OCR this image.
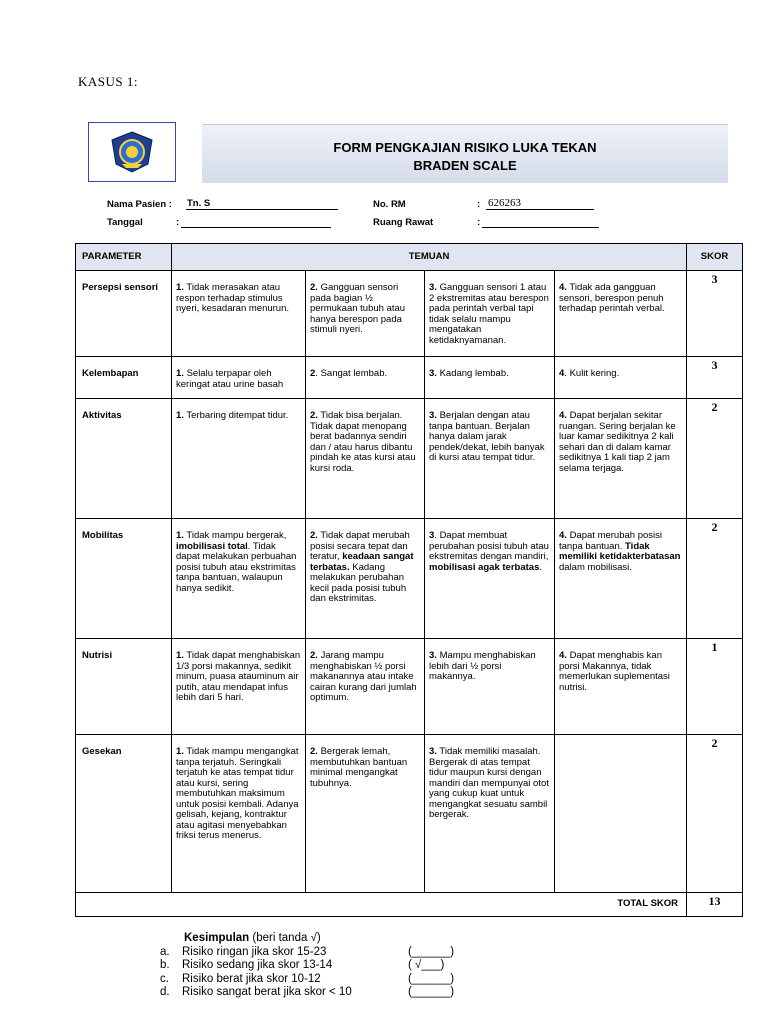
KASUS 1:
FORM PENGKAJIAN RISIKO LUKA TEKAN
BRADEN SCALE
Nama Pasien : Tn. S
Tanggal	:
No. RM	: 626263
Ruang Rawat	:
PARAMETER	TEMUAN				SKOR
Persepsi sensori	1. Tidak merasakan atau respon terhadap stimulus nyeri, kesadaran menurun.	2. Gangguan sensori pada bagian ½ permukaan tubuh atau hanya berespon pada stimuli nyeri.	3. Gangguan sensori 1 atau 2 ekstremitas atau berespon pada perintah verbal tapi tidak selalu mampu mengatakan ketidaknyamanan.	4. Tidak ada gangguan sensori, berespon penuh terhadap perintah verbal.	3
Kelembapan	1. Selalu terpapar oleh keringat atau urine basah	2. Sangat lembab.	3. Kadang lembab.	4. Kulit kering.	3
Aktivitas	1. Terbaring ditempat tidur.	2. Tidak bisa berjalan. Tidak dapat menopang berat badannya sendiri dan / atau harus dibantu pindah ke atas kursi atau kursi roda.	3. Berjalan dengan atau tanpa bantuan. Berjalan hanya dalam jarak pendek/dekat, lebih banyak di kursi atau tempat tidur.	4. Dapat berjalan sekitar ruangan. Sering berjalan ke luar kamar sedikitnya 2 kali sehari dan di dalam kamar sedikitnya 1 kali tiap 2 jam selama terjaga.	2
Mobilitas	1. Tidak mampu bergerak, imobilisasi total. Tidak dapat melakukan perbuahan posisi tubuh atau ekstrimitas tanpa bantuan, walaupun hanya sedikit.	2. Tidak dapat merubah posisi secara tepat dan teratur, keadaan sangat terbatas. Kadang melakukan perubahan kecil pada posisi tubuh dan ekstrimitas.	3. Dapat membuat perubahan posisi tubuh atau ekstremitas dengan mandiri, mobilisasi agak terbatas.	4. Dapat merubah posisi tanpa bantuan. Tidak memiliki ketidakterbatasan dalam mobilisasi.	2
Nutrisi	1. Tidak dapat menghabiskan 1/3 porsi makannya, sedikit minum, puasa atauminum air putih, atau mendapat infus lebih dari 5 hari.	2. Jarang mampu menghabiskan ½ porsi makanannya atau intake cairan kurang dari jumlah optimum.	3. Mampu menghabiskan lebih dari ½ porsi makannya.	4. Dapat menghabis kan porsi Makannya, tidak memerlukan suplementasi nutrisi.	1
Gesekan	1. Tidak mampu mengangkat tanpa terjatuh. Seringkali terjatuh ke atas tempat tidur atau kursi, sering membutuhkan maksimum untuk posisi kembali. Adanya gelisah, kejang, kontraktur atau agitasi menyebabkan friksi terus menerus.	2. Bergerak lemah, membutuhkan bantuan minimal mengangkat tubuhnya.	3. Tidak memiliki masalah. Bergerak di atas tempat tidur maupun kursi dengan mandiri dan mempunyai otot yang cukup kuat untuk mengangkat sesuatu sambil bergerak.		2
TOTAL SKOR					13
Kesimpulan (beri tanda √)
a.	Risiko ringan jika skor 15-23	(______)
b.	Risiko sedang jika skor 13-14	( √___)
c.	Risiko berat jika skor 10-12	(______)
d.	Risiko sangat berat jika skor < 10	(______)
